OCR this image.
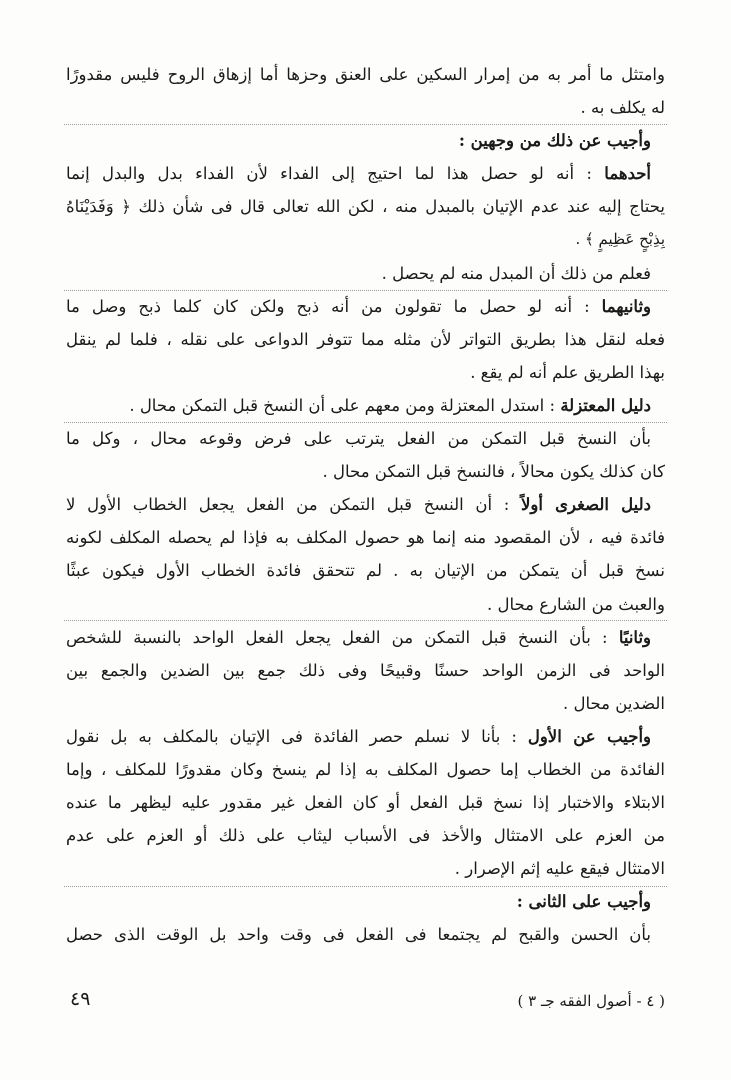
وامتثل ما أمر به من إمرار السكين على العنق وحزها أما إزهاق الروح فليس مقدورًا
له يكلف به .
وأجيب عن ذلك من وجهين :
أحدهما : أنه لو حصل هذا لما احتيج إلى الفداء لأن الفداء بدل والبدل إنما
يحتاج إليه عند عدم الإتيان بالمبدل منه ، لكن الله تعالى قال فى شأن ذلك ﴿ وَفَدَيْنَاهُ
بِذِبْحٍ عَظِيمٍ ﴾ .
فعلم من ذلك أن المبدل منه لم يحصل .
وثانيهما : أنه لو حصل ما تقولون من أنه ذبح ولكن كان كلما ذبح وصل ما
فعله لنقل هذا بطريق التواتر لأن مثله مما تتوفر الدواعى على نقله ، فلما لم ينقل
بهذا الطريق علم أنه لم يقع .
دليل المعتزلة : استدل المعتزلة ومن معهم على أن النسخ قبل التمكن محال .
بأن النسخ قبل التمكن من الفعل يترتب على فرض وقوعه محال ، وكل ما
كان كذلك يكون محالاً ، فالنسخ قبل التمكن محال .
دليل الصغرى أولاً : أن النسخ قبل التمكن من الفعل يجعل الخطاب الأول لا
فائدة فيه ، لأن المقصود منه إنما هو حصول المكلف به فإذا لم يحصله المكلف لكونه
نسخ قبل أن يتمكن من الإتيان به . لم تتحقق فائدة الخطاب الأول فيكون عبثًا
والعبث من الشارع محال .
وثانيًا : بأن النسخ قبل التمكن من الفعل يجعل الفعل الواحد بالنسبة للشخص
الواحد فى الزمن الواحد حسنًا وقبيحًا وفى ذلك جمع بين الضدين والجمع بين
الضدين محال .
وأجيب عن الأول : بأنا لا نسلم حصر الفائدة فى الإتيان بالمكلف به بل نقول
الفائدة من الخطاب إما حصول المكلف به إذا لم ينسخ وكان مقدورًا للمكلف ، وإما
الابتلاء والاختبار إذا نسخ قبل الفعل أو كان الفعل غير مقدور عليه ليظهر ما عنده
من العزم على الامتثال والأخذ فى الأسباب ليثاب على ذلك أو العزم على عدم
الامتثال فيقع عليه إثم الإصرار .
وأجيب على الثانى :
بأن الحسن والقبح لم يجتمعا فى الفعل فى وقت واحد بل الوقت الذى حصل
( ٤ - أصول الفقه جـ ٣ )
٤٩
